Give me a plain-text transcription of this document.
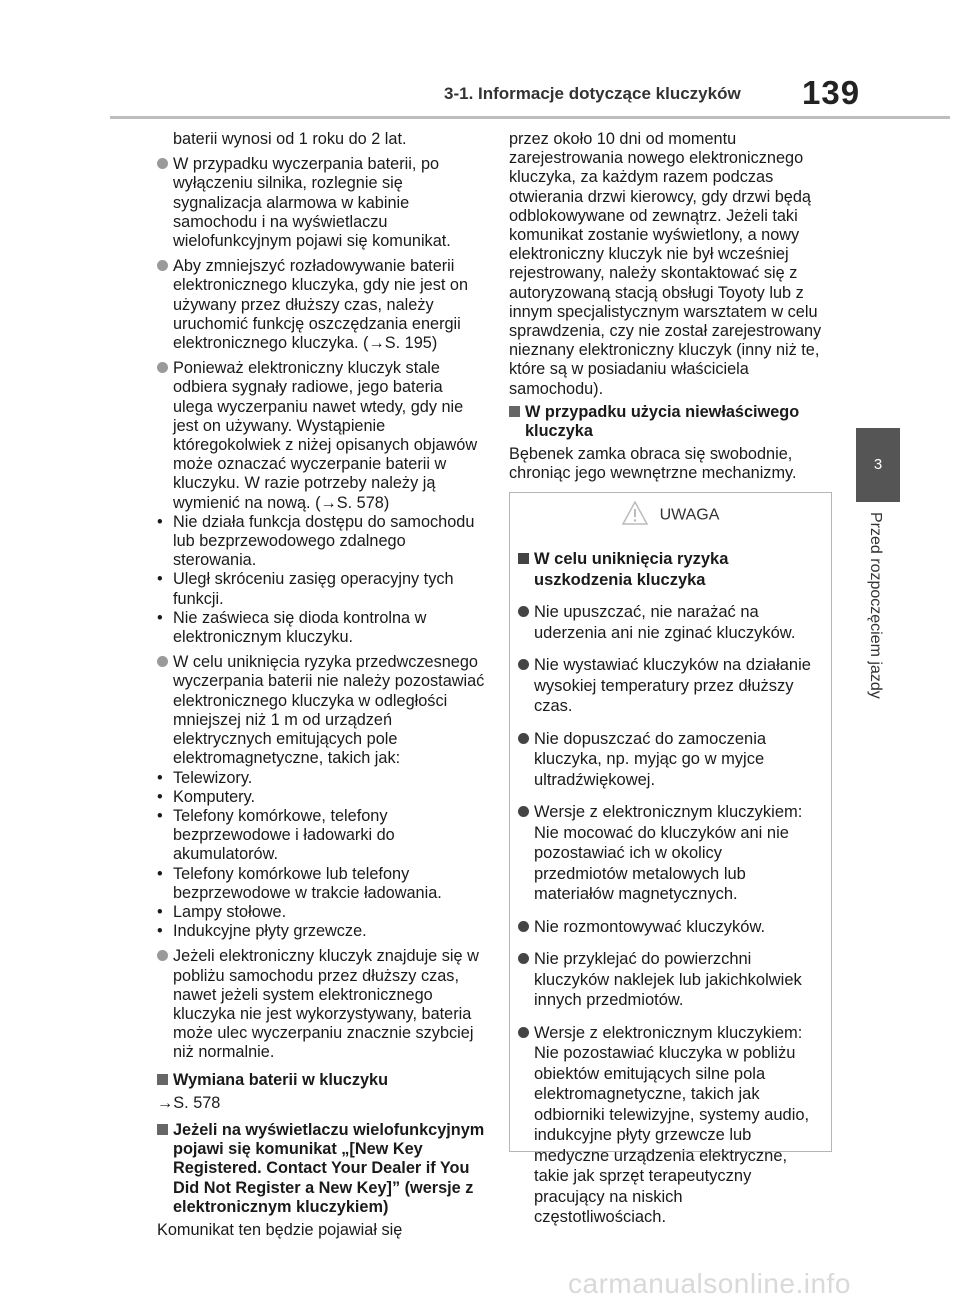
3-1. Informacje dotyczące kluczyków 139
3
Przed rozpoczęciem jazdy

baterii wynosi od 1 roku do 2 lat.

W przypadku wyczerpania baterii, po wyłączeniu silnika, rozlegnie się sygnalizacja alarmowa w kabinie samochodu i na wyświetlaczu wielofunkcyjnym pojawi się komunikat.
Aby zmniejszyć rozładowywanie baterii elektronicznego kluczyka, gdy nie jest on używany przez dłuższy czas, należy uruchomić funkcję oszczędzania energii elektronicznego kluczyka. (→S. 195)
Ponieważ elektroniczny kluczyk stale odbiera sygnały radiowe, jego bateria ulega wyczerpaniu nawet wtedy, gdy nie jest on używany. Wystąpienie któregokolwiek z niżej opisanych objawów może oznaczać wyczerpanie baterii w kluczyku. W razie potrzeby należy ją wymienić na nową. (→S. 578)
• Nie działa funkcja dostępu do samochodu lub bezprzewodowego zdalnego sterowania.
• Uległ skróceniu zasięg operacyjny tych funkcji.
• Nie zaświeca się dioda kontrolna w elektronicznym kluczyku.
W celu uniknięcia ryzyka przedwczesnego wyczerpania baterii nie należy pozostawiać elektronicznego kluczyka w odległości mniejszej niż 1 m od urządzeń elektrycznych emitujących pole elektromagnetyczne, takich jak:
• Telewizory.
• Komputery.
• Telefony komórkowe, telefony bezprzewodowe i ładowarki do akumulatorów.
• Telefony komórkowe lub telefony bezprzewodowe w trakcie ładowania.
• Lampy stołowe.
• Indukcyjne płyty grzewcze.
Jeżeli elektroniczny kluczyk znajduje się w pobliżu samochodu przez dłuższy czas, nawet jeżeli system elektronicznego kluczyka nie jest wykorzystywany, bateria może ulec wyczerpaniu znacznie szybciej niż normalnie.
Wymiana baterii w kluczyku

→S. 578

Jeżeli na wyświetlaczu wielofunkcyjnym pojawi się komunikat „[New Key Registered. Contact Your Dealer if You Did Not Register a New Key]” (wersje z elektronicznym kluczykiem)

Komunikat ten będzie pojawiał się

przez około 10 dni od momentu zarejestrowania nowego elektronicznego kluczyka, za każdym razem podczas otwierania drzwi kierowcy, gdy drzwi będą odblokowywane od zewnątrz. Jeżeli taki komunikat zostanie wyświetlony, a nowy elektroniczny kluczyk nie był wcześniej rejestrowany, należy skontaktować się z autoryzowaną stacją obsługi Toyoty lub z innym specjalistycznym warsztatem w celu sprawdzenia, czy nie został zarejestrowany nieznany elektroniczny kluczyk (inny niż te, które są w posiadaniu właściciela samochodu).

W przypadku użycia niewłaściwego kluczyka

Bębenek zamka obraca się swobodnie, chroniąc jego wewnętrzne mechanizmy.

UWAGA
W celu uniknięcia ryzyka uszkodzenia kluczyka
Nie upuszczać, nie narażać na uderzenia ani nie zginać kluczyków.
Nie wystawiać kluczyków na działanie wysokiej temperatury przez dłuższy czas.
Nie dopuszczać do zamoczenia kluczyka, np. myjąc go w myjce ultradźwiękowej.
Wersje z elektronicznym kluczykiem: Nie mocować do kluczyków ani nie pozostawiać ich w okolicy przedmiotów metalowych lub materiałów magnetycznych.
Nie rozmontowywać kluczyków.
Nie przyklejać do powierzchni kluczyków naklejek lub jakichkolwiek innych przedmiotów.
Wersje z elektronicznym kluczykiem: Nie pozostawiać kluczyka w pobliżu obiektów emitujących silne pola elektromagnetyczne, takich jak odbiorniki telewizyjne, systemy audio, indukcyjne płyty grzewcze lub medyczne urządzenia elektryczne, takie jak sprzęt terapeutyczny pracujący na niskich częstotliwościach.
carmanualsonline.info
